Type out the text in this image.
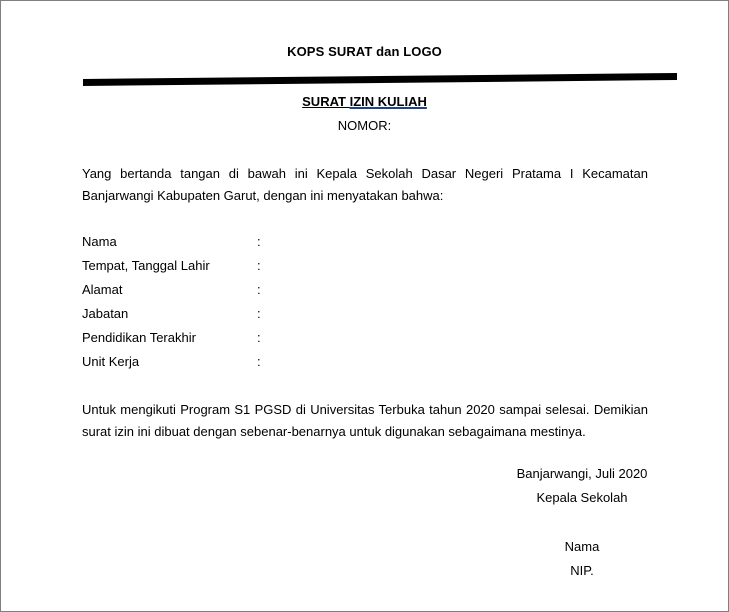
KOPS SURAT dan LOGO
SURAT IZIN KULIAH
NOMOR:
Yang bertanda tangan di bawah ini Kepala Sekolah Dasar Negeri Pratama I Kecamatan Banjarwangi Kabupaten Garut, dengan ini menyatakan bahwa:
Nama	:
Tempat, Tanggal Lahir	:
Alamat	:
Jabatan	:
Pendidikan Terakhir	:
Unit Kerja	:
Untuk mengikuti Program S1 PGSD di Universitas Terbuka tahun 2020 sampai selesai. Demikian surat izin ini dibuat dengan sebenar-benarnya untuk digunakan sebagaimana mestinya.
Banjarwangi, Juli 2020
Kepala Sekolah
Nama
NIP.
